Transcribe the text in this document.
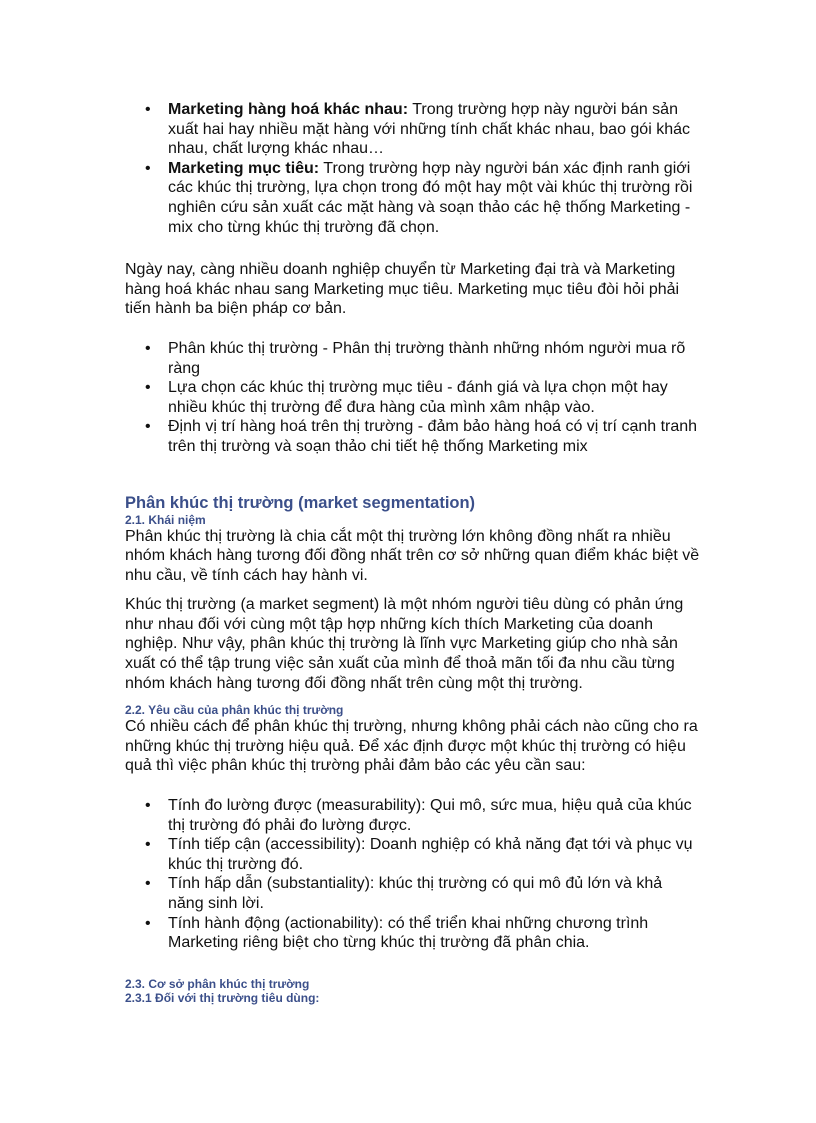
• Marketing hàng hoá khác nhau: Trong trường hợp này người bán sản xuất hai hay nhiều mặt hàng với những tính chất khác nhau, bao gói khác nhau, chất lượng khác nhau…
• Marketing mục tiêu: Trong trường hợp này người bán xác định ranh giới các khúc thị trường, lựa chọn trong đó một hay một vài khúc thị trường rồi nghiên cứu sản xuất các mặt hàng và soạn thảo các hệ thống Marketing - mix cho từng khúc thị trường đã chọn.

Ngày nay, càng nhiều doanh nghiệp chuyển từ Marketing đại trà và Marketing hàng hoá khác nhau sang Marketing mục tiêu. Marketing mục tiêu đòi hỏi phải tiến hành ba biện pháp cơ bản.

• Phân khúc thị trường - Phân thị trường thành những nhóm người mua rõ ràng
• Lựa chọn các khúc thị trường mục tiêu - đánh giá và lựa chọn một hay nhiều khúc thị trường để đưa hàng của mình xâm nhập vào.
• Định vị trí hàng hoá trên thị trường - đảm bảo hàng hoá có vị trí cạnh tranh trên thị trường và soạn thảo chi tiết hệ thống Marketing mix
Phân khúc thị trường (market segmentation)
2.1. Khái niệm

Phân khúc thị trường là chia cắt một thị trường lớn không đồng nhất ra nhiều nhóm khách hàng tương đối đồng nhất trên cơ sở những quan điểm khác biệt về nhu cầu, về tính cách hay hành vi.

Khúc thị trường (a market segment) là một nhóm người tiêu dùng có phản ứng như nhau đối với cùng một tập hợp những kích thích Marketing của doanh nghiệp. Như vậy, phân khúc thị trường là lĩnh vực Marketing giúp cho nhà sản xuất có thể tập trung việc sản xuất của mình để thoả mãn tối đa nhu cầu từng nhóm khách hàng tương đối đồng nhất trên cùng một thị trường.

2.2. Yêu cầu của phân khúc thị trường

Có nhiều cách để phân khúc thị trường, nhưng không phải cách nào cũng cho ra những khúc thị trường hiệu quả. Để xác định được một khúc thị trường có hiệu quả thì việc phân khúc thị trường phải đảm bảo các yêu cần sau:

• Tính đo lường được (measurability): Qui mô, sức mua, hiệu quả của khúc thị trường đó phải đo lường được.
• Tính tiếp cận (accessibility): Doanh nghiệp có khả năng đạt tới và phục vụ khúc thị trường đó.
• Tính hấp dẫn (substantiality): khúc thị trường có qui mô đủ lớn và khả năng sinh lời.
• Tính hành động (actionability): có thể triển khai những chương trình Marketing riêng biệt cho từng khúc thị trường đã phân chia.
2.3. Cơ sở phân khúc thị trường
2.3.1 Đối với thị trường tiêu dùng:
